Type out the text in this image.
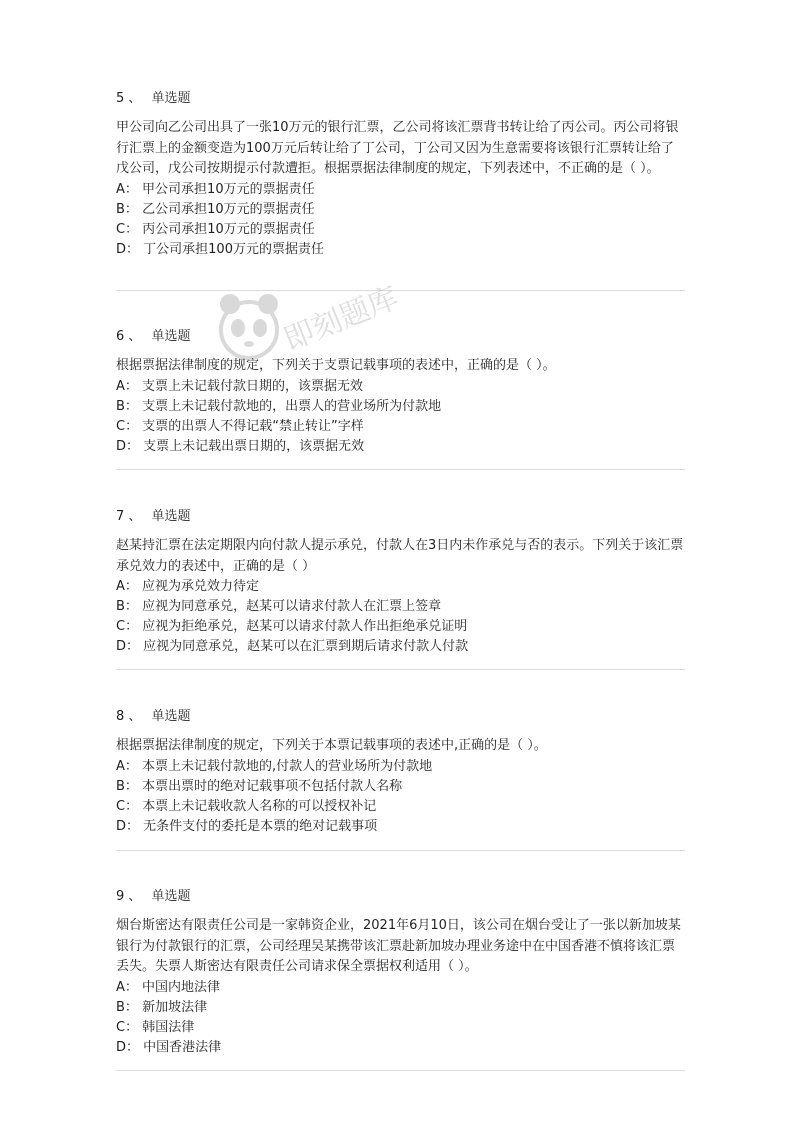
5 、 单选题

甲公司向乙公司出具了一张10万元的银行汇票，乙公司将该汇票背书转让给了丙公司。丙公司将银行汇票上的金额变造为100万元后转让给了丁公司，丁公司又因为生意需要将该银行汇票转让给了戊公司，戊公司按期提示付款遭拒。根据票据法律制度的规定，下列表述中，不正确的是（ ）。

A： 甲公司承担10万元的票据责任
B： 乙公司承担10万元的票据责任
C： 丙公司承担10万元的票据责任
D： 丁公司承担100万元的票据责任
6 、 单选题

根据票据法律制度的规定，下列关于支票记载事项的表述中，正确的是（ ）。

A： 支票上未记载付款日期的，该票据无效
B： 支票上未记载付款地的，出票人的营业场所为付款地
C： 支票的出票人不得记载“禁止转让”字样
D： 支票上未记载出票日期的，该票据无效
7 、 单选题

赵某持汇票在法定期限内向付款人提示承兑，付款人在3日内未作承兑与否的表示。下列关于该汇票承兑效力的表述中，正确的是（ ）

A： 应视为承兑效力待定
B： 应视为同意承兑，赵某可以请求付款人在汇票上签章
C： 应视为拒绝承兑，赵某可以请求付款人作出拒绝承兑证明
D： 应视为同意承兑，赵某可以在汇票到期后请求付款人付款
8 、 单选题

根据票据法律制度的规定，下列关于本票记载事项的表述中,正确的是（ ）。

A： 本票上未记载付款地的,付款人的营业场所为付款地
B： 本票出票时的绝对记载事项不包括付款人名称
C： 本票上未记载收款人名称的可以授权补记
D： 无条件支付的委托是本票的绝对记载事项
9 、 单选题

烟台斯密达有限责任公司是一家韩资企业，2021年6月10日，该公司在烟台受让了一张以新加坡某银行为付款银行的汇票，公司经理吴某携带该汇票赴新加坡办理业务途中在中国香港不慎将该汇票丢失。失票人斯密达有限责任公司请求保全票据权利适用（ ）。

A： 中国内地法律
B： 新加坡法律
C： 韩国法律
D： 中国香港法律
即刻题库
